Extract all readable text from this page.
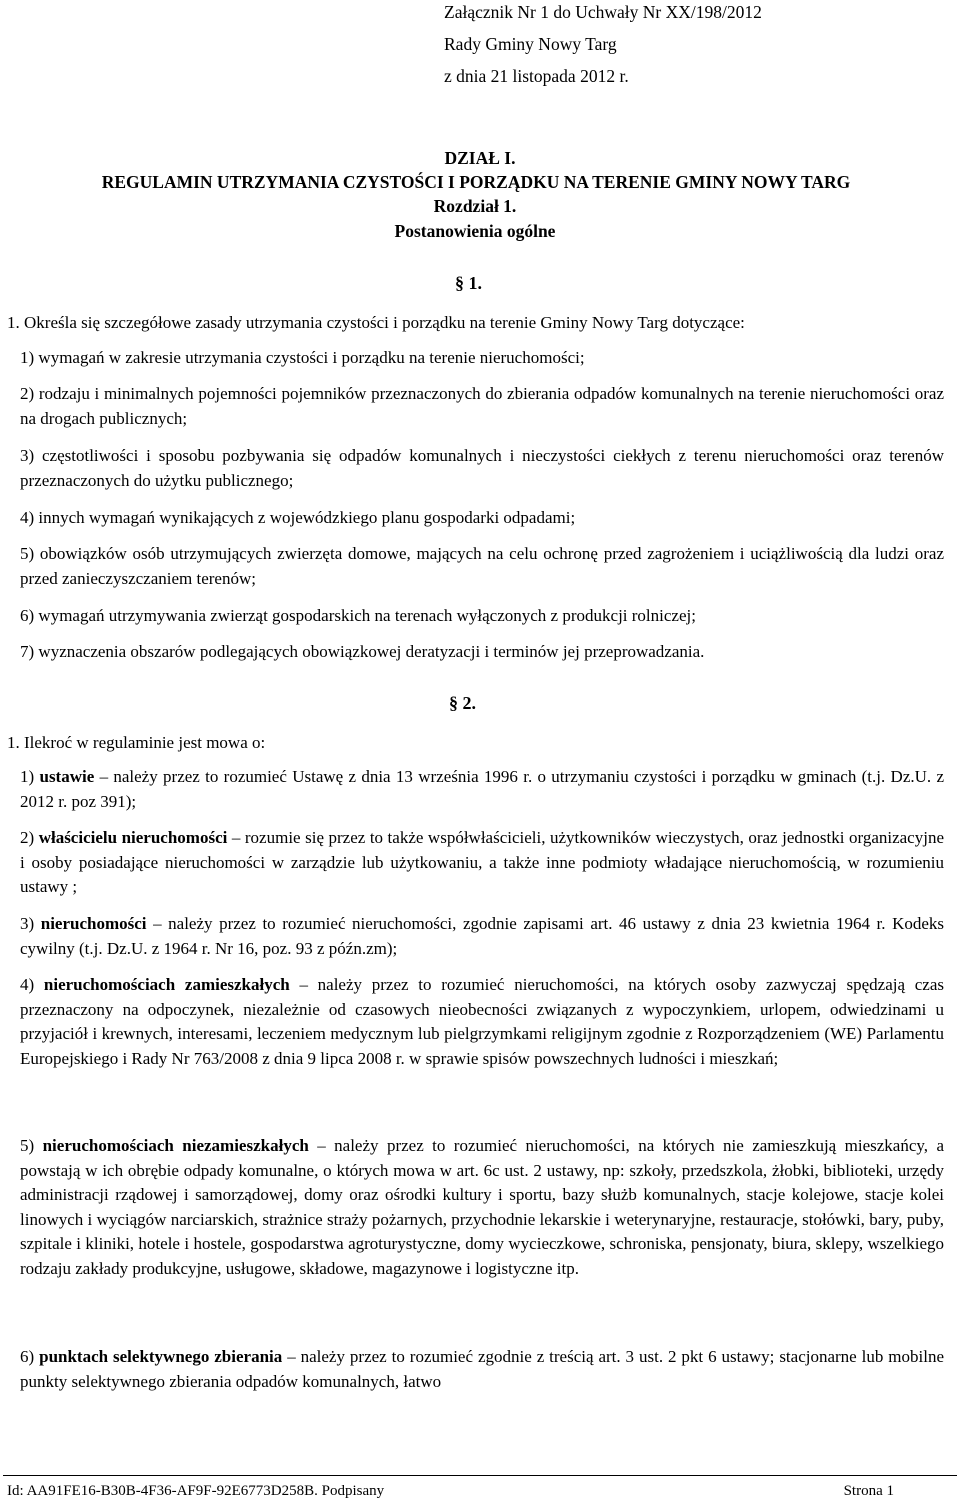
Załącznik Nr 1 do Uchwały Nr XX/198/2012
Rady Gminy Nowy Targ
z dnia 21 listopada 2012 r.
DZIAŁ I.
REGULAMIN UTRZYMANIA CZYSTOŚCI I PORZĄDKU NA TERENIE GMINY NOWY TARG
Rozdział 1.
Postanowienia ogólne
§ 1.
1. Określa się szczegółowe zasady utrzymania czystości i porządku na terenie Gminy Nowy Targ dotyczące:
1) wymagań w zakresie utrzymania czystości i porządku na terenie nieruchomości;
2) rodzaju i minimalnych pojemności pojemników przeznaczonych do zbierania odpadów komunalnych na terenie nieruchomości oraz na drogach publicznych;
3) częstotliwości i sposobu pozbywania się odpadów komunalnych i nieczystości ciekłych z terenu nieruchomości oraz terenów przeznaczonych do użytku publicznego;
4) innych wymagań wynikających z wojewódzkiego planu gospodarki odpadami;
5) obowiązków osób utrzymujących zwierzęta domowe, mających na celu ochronę przed zagrożeniem i uciążliwością dla ludzi oraz przed zanieczyszczaniem terenów;
6) wymagań utrzymywania zwierząt gospodarskich na terenach wyłączonych z produkcji rolniczej;
7) wyznaczenia obszarów podlegających obowiązkowej deratyzacji i terminów jej przeprowadzania.
§ 2.
1. Ilekroć w regulaminie jest mowa o:
1) ustawie – należy przez to rozumieć Ustawę z dnia 13 września 1996 r. o utrzymaniu czystości i porządku w gminach (t.j. Dz.U. z 2012 r. poz 391);
2) właścicielu nieruchomości – rozumie się przez to także współwłaścicieli, użytkowników wieczystych, oraz jednostki organizacyjne i osoby posiadające nieruchomości w zarządzie lub użytkowaniu, a także inne podmioty władające nieruchomością, w rozumieniu ustawy ;
3) nieruchomości – należy przez to rozumieć nieruchomości, zgodnie zapisami art. 46 ustawy z dnia 23 kwietnia 1964 r. Kodeks cywilny (t.j. Dz.U. z 1964 r. Nr 16, poz. 93 z późn.zm);
4) nieruchomościach zamieszkałych – należy przez to rozumieć nieruchomości, na których osoby zazwyczaj spędzają czas przeznaczony na odpoczynek, niezależnie od czasowych nieobecności związanych z wypoczynkiem, urlopem, odwiedzinami u przyjaciół i krewnych, interesami, leczeniem medycznym lub pielgrzymkami religijnym zgodnie z Rozporządzeniem (WE) Parlamentu Europejskiego i Rady Nr 763/2008 z dnia 9 lipca 2008 r. w sprawie spisów powszechnych ludności i mieszkań;
5) nieruchomościach niezamieszkałych – należy przez to rozumieć nieruchomości, na których nie zamieszkują mieszkańcy, a powstają w ich obrębie odpady komunalne, o których mowa w art. 6c ust. 2 ustawy, np: szkoły, przedszkola, żłobki, biblioteki, urzędy administracji rządowej i samorządowej, domy oraz ośrodki kultury i sportu, bazy służb komunalnych, stacje kolejowe, stacje kolei linowych i wyciągów narciarskich, strażnice straży pożarnych, przychodnie lekarskie i weterynaryjne, restauracje, stołówki, bary, puby, szpitale i kliniki, hotele i hostele, gospodarstwa agroturystyczne, domy wycieczkowe, schroniska, pensjonaty, biura, sklepy, wszelkiego rodzaju zakłady produkcyjne, usługowe, składowe, magazynowe i logistyczne itp.
6) punktach selektywnego zbierania – należy przez to rozumieć zgodnie z treścią art. 3 ust. 2 pkt 6 ustawy; stacjonarne lub mobilne punkty selektywnego zbierania odpadów komunalnych, łatwo
Id: AA91FE16-B30B-4F36-AF9F-92E6773D258B. Podpisany	Strona 1
